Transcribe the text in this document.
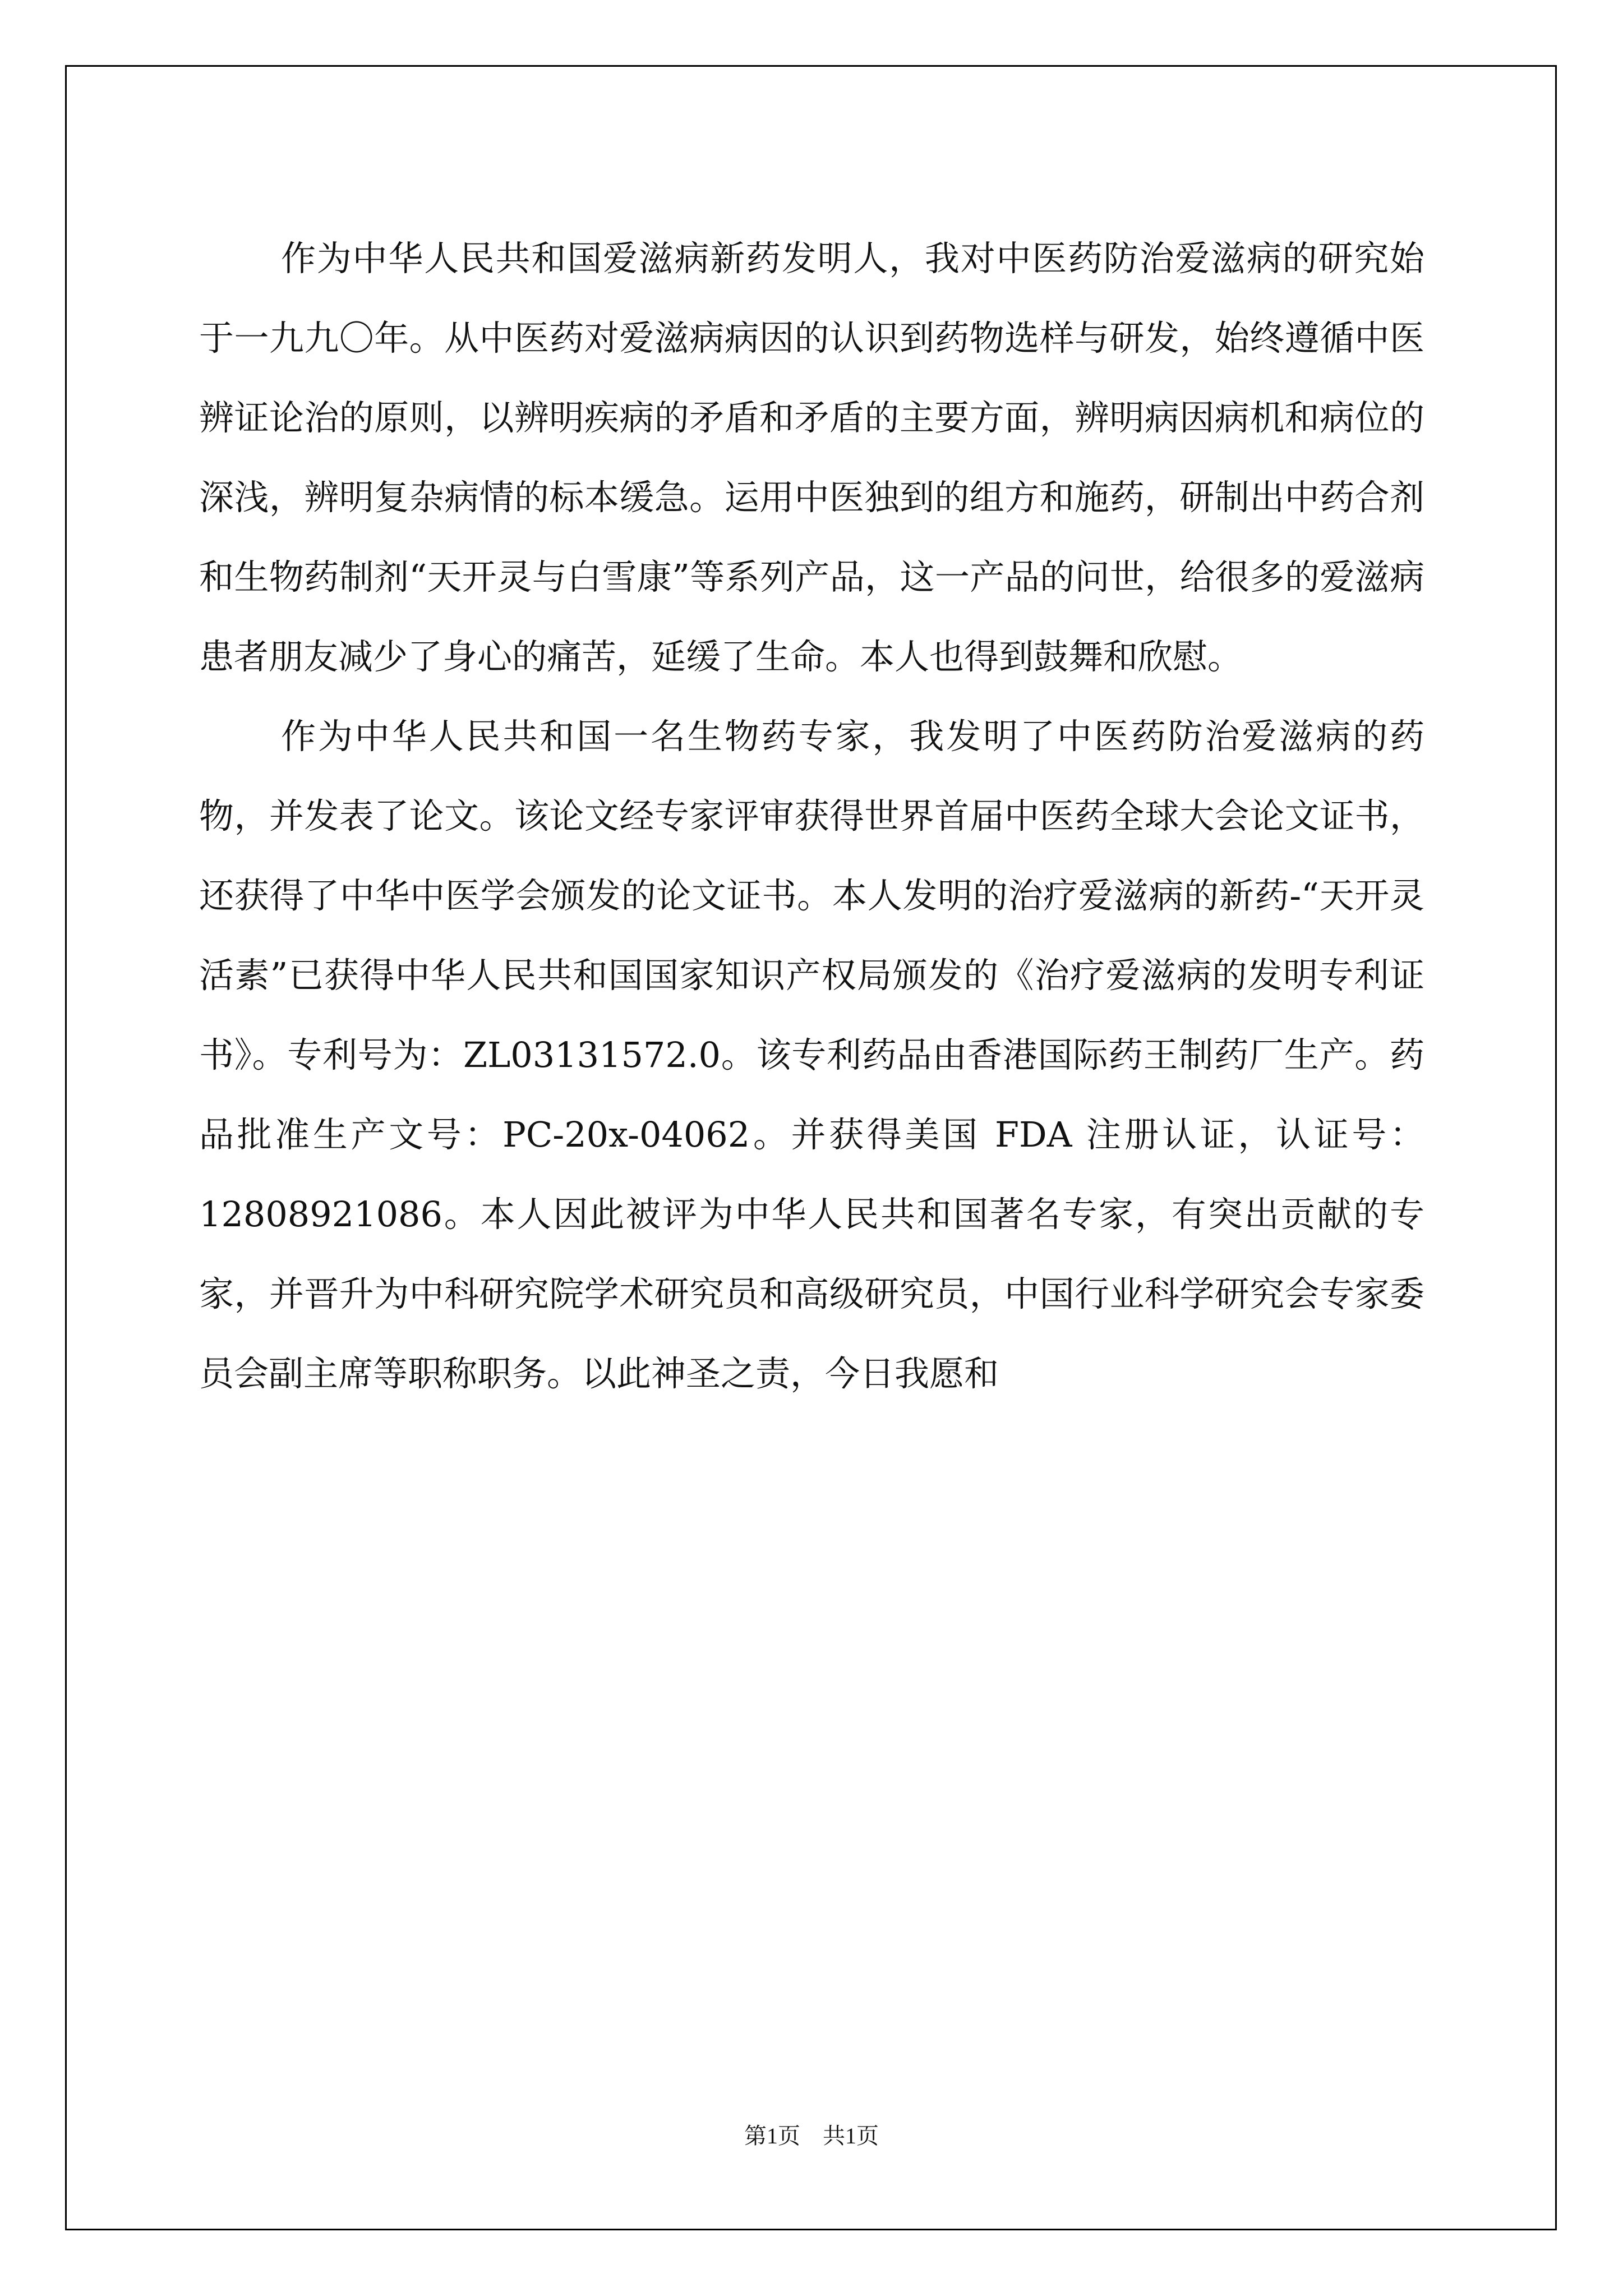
作为中华人民共和国爱滋病新药发明人，我对中医药防治爱滋病的研究始于一九九〇年。从中医药对爱滋病病因的认识到药物选样与研发，始终遵循中医辨证论治的原则，以辨明疾病的矛盾和矛盾的主要方面，辨明病因病机和病位的深浅，辨明复杂病情的标本缓急。运用中医独到的组方和施药，研制出中药合剂和生物药制剂“天开灵与白雪康”等系列产品，这一产品的问世，给很多的爱滋病患者朋友减少了身心的痛苦，延缓了生命。本人也得到鼓舞和欣慰。

作为中华人民共和国一名生物药专家，我发明了中医药防治爱滋病的药物，并发表了论文。该论文经专家评审获得世界首届中医药全球大会论文证书，还获得了中华中医学会颁发的论文证书。本人发明的治疗爱滋病的新药-“天开灵活素”已获得中华人民共和国国家知识产权局颁发的《治疗爱滋病的发明专利证书》。专利号为：ZL03131572.0。该专利药品由香港国际药王制药厂生产。药品批准生产文号：PC-20x-04062。并获得美国 FDA 注册认证，认证号：12808921086。本人因此被评为中华人民共和国著名专家，有突出贡献的专家，并晋升为中科研究院学术研究员和高级研究员，中国行业科学研究会专家委员会副主席等职称职务。以此神圣之责，今日我愿和

第1页　共1页
